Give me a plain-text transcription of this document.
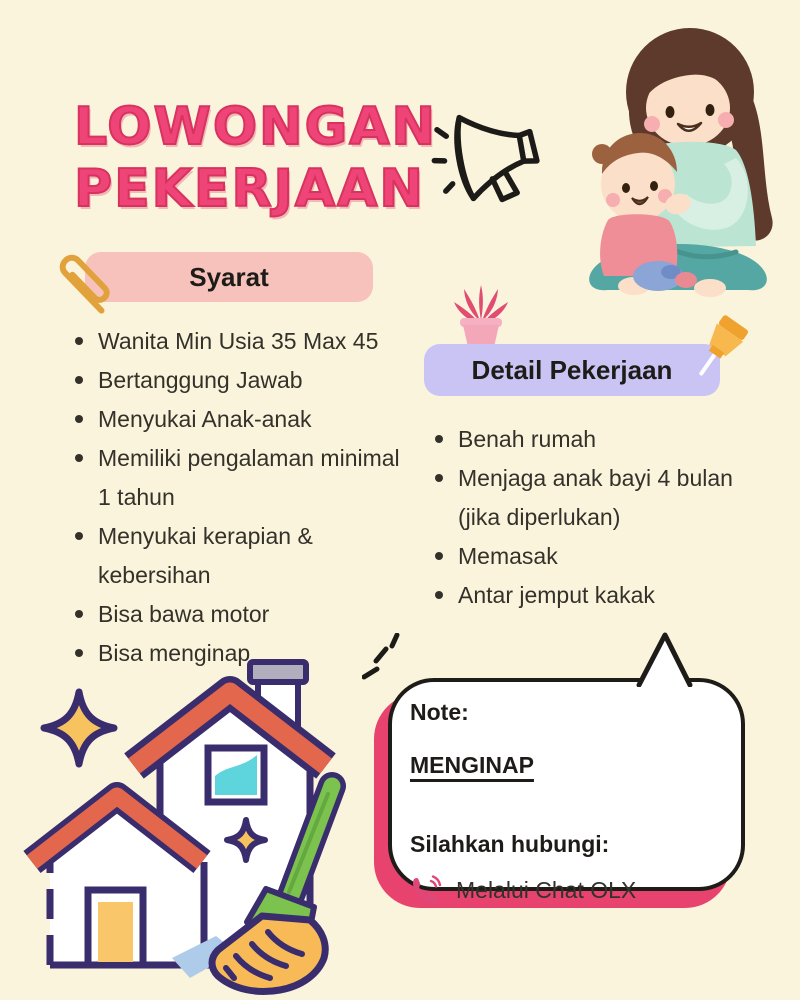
LOWONGAN
PEKERJAAN
Syarat
Wanita Min Usia 35 Max 45
Bertanggung Jawab
Menyukai Anak-anak
Memiliki pengalaman minimal 1 tahun
Menyukai kerapian & kebersihan
Bisa bawa motor
Bisa menginap
Detail Pekerjaan
Benah rumah
Menjaga anak bayi 4 bulan (jika diperlukan)
Memasak
Antar jemput kakak
Note:
MENGINAP
Silahkan hubungi:
Melalui Chat OLX
